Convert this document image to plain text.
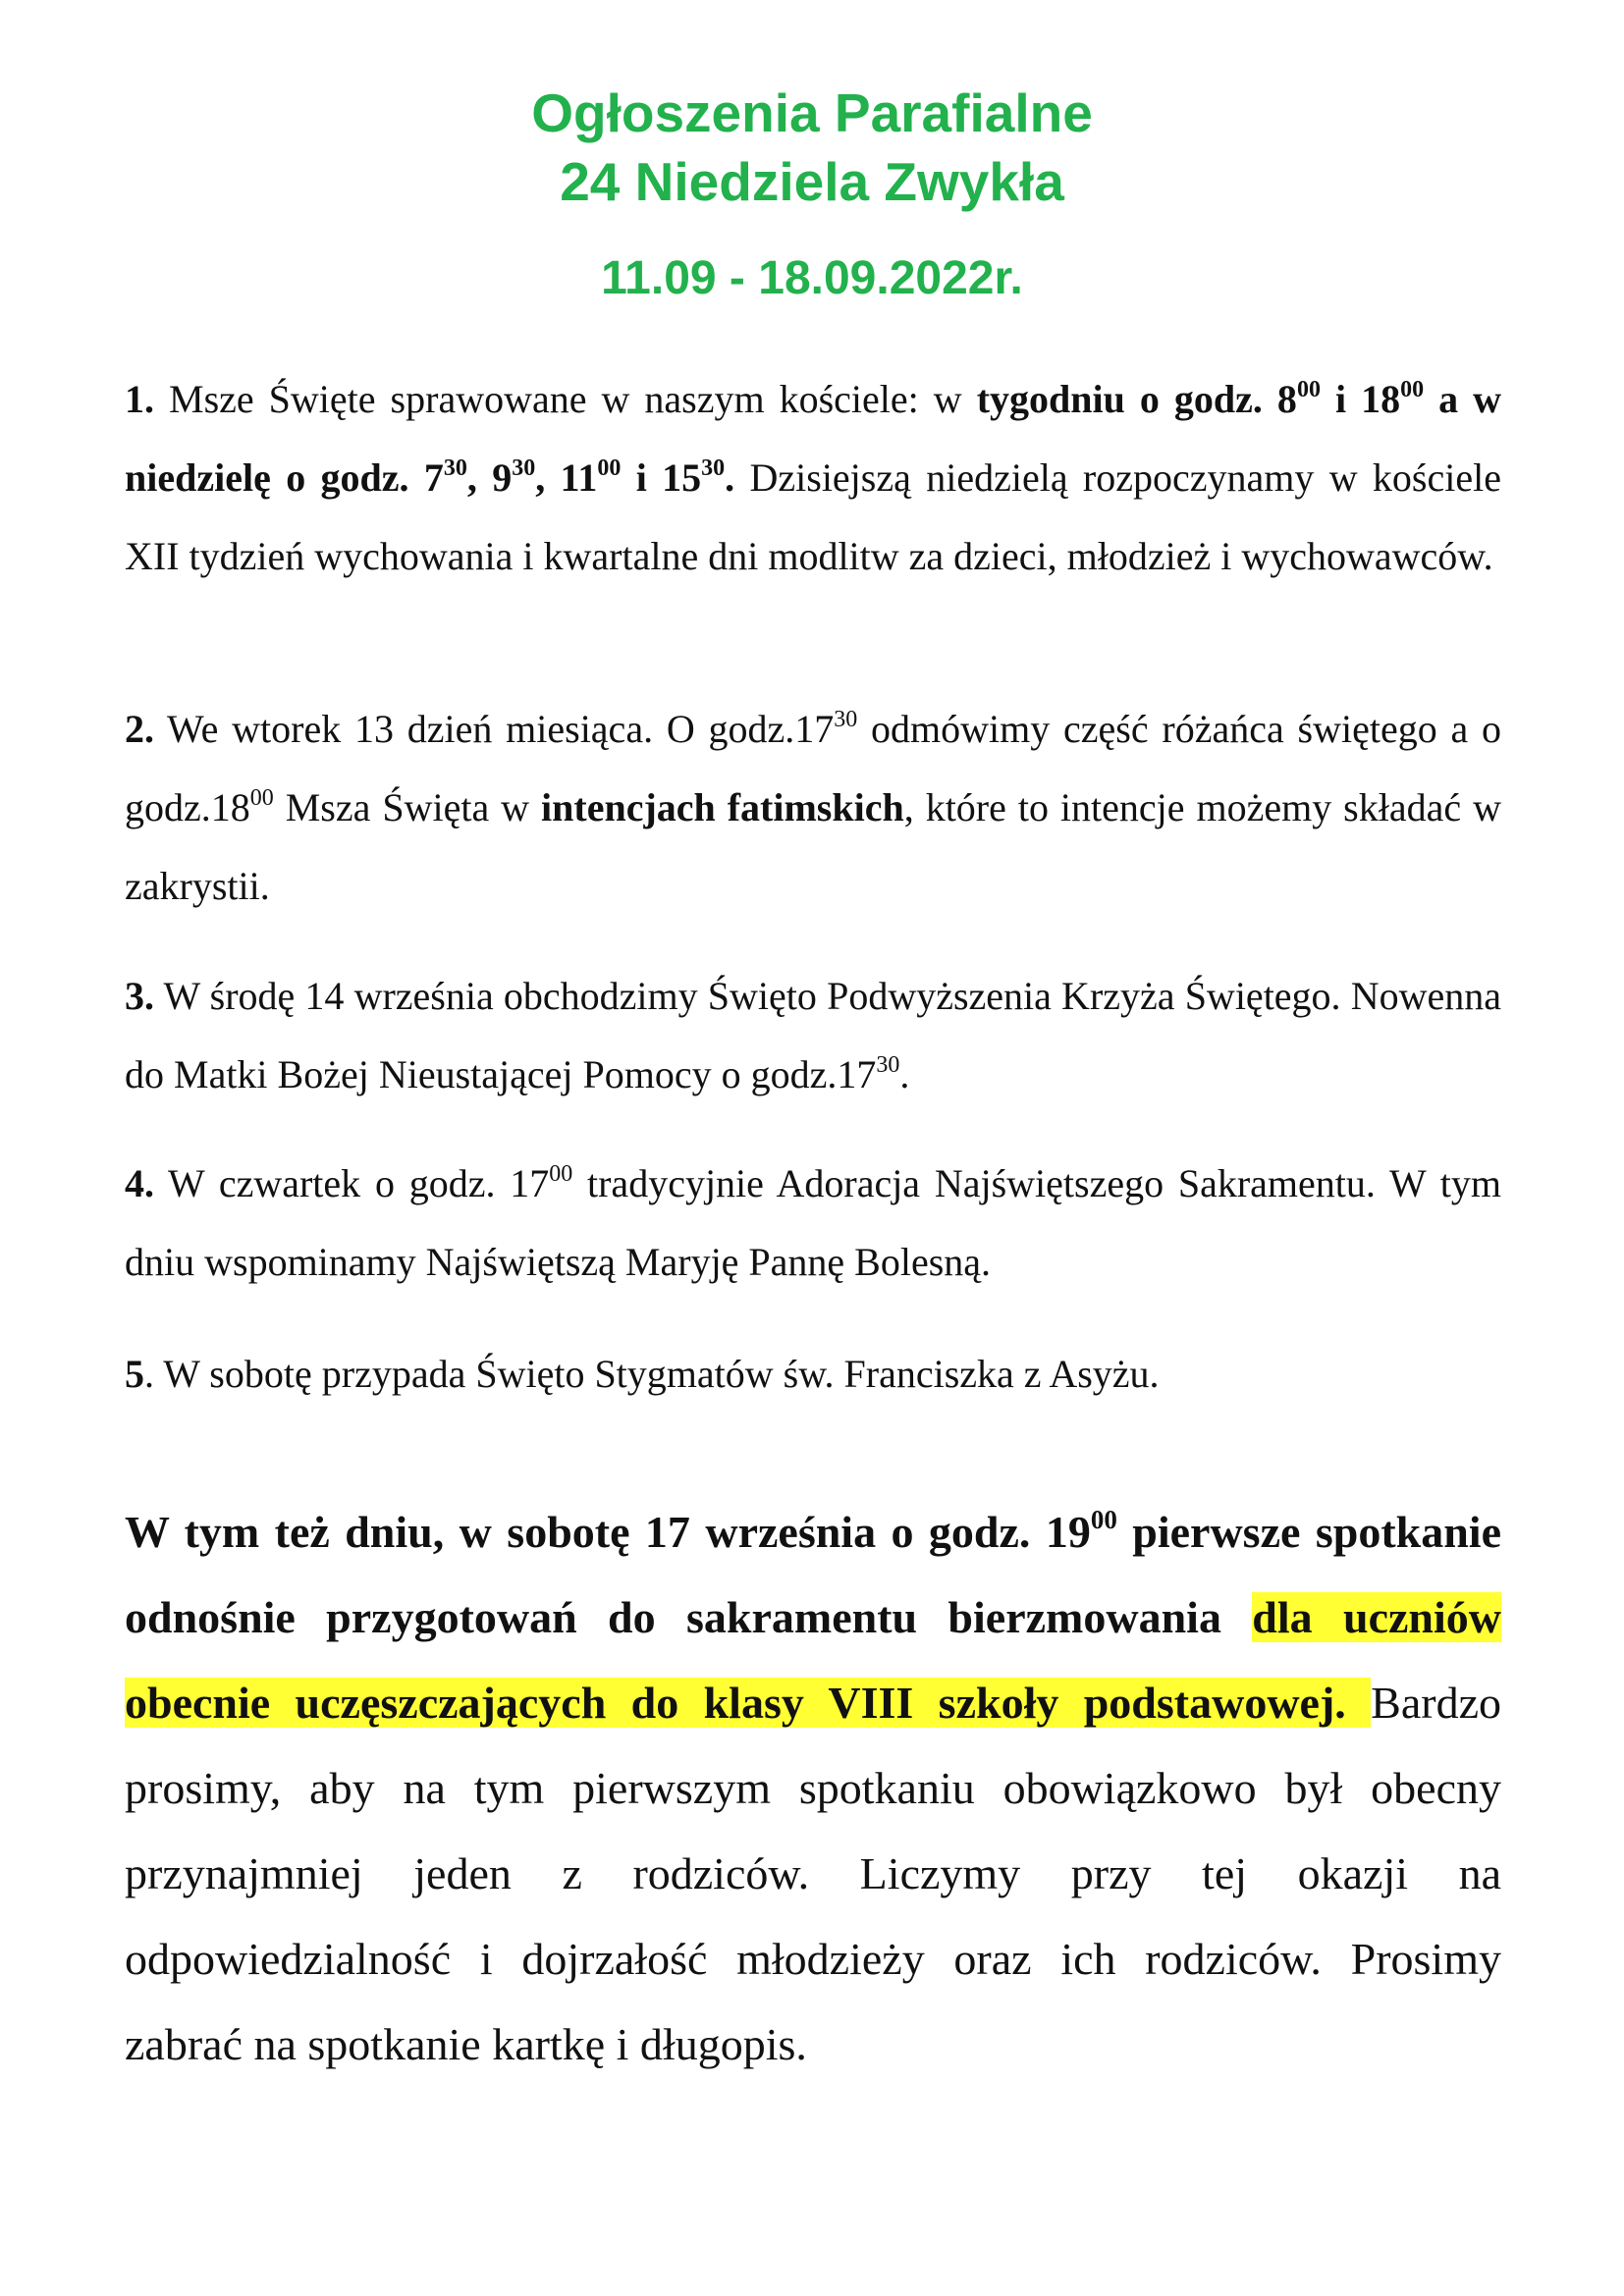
Ogłoszenia Parafialne
24 Niedziela Zwykła
11.09 - 18.09.2022r.

1. Msze Święte sprawowane w naszym kościele: w tygodniu o godz. $8^{00}$ i $18^{00}$ a w niedzielę o godz. $7^{30}$, $9^{30}$, $11^{00}$ i $15^{30}$. Dzisiejszą niedzielą rozpoczynamy w kościele XII tydzień wychowania i kwartalne dni modlitw za dzieci, młodzież i wychowawców.

2. We wtorek 13 dzień miesiąca. O $godz.17^{30}$ odmówimy część różańca świętego a o $godz.18^{00}$ Msza Święta w intencjach fatimskich, które to intencje możemy składać w zakrystii.

3. W środę 14 września obchodzimy Święto Podwyższenia Krzyża Świętego. Nowenna do Matki Bożej Nieustającej Pomocy o $godz.17^{30}$.

4. W czwartek o godz. $17^{00}$ tradycyjnie Adoracja Najświętszego Sakramentu. W tym dniu wspominamy Najświętszą Maryję Pannę Bolesną.

5. W sobotę przypada Święto Stygmatów św. Franciszka z Asyżu.

W tym też dniu, w sobotę 17 września o godz. $19^{00}$ pierwsze spotkanie odnośnie przygotowań do sakramentu bierzmowania dla uczniów obecnie uczęszczających do klasy VIII szkoły podstawowej. Bardzo prosimy, aby na tym pierwszym spotkaniu obowiązkowo był obecny przynajmniej jeden z rodziców. Liczymy przy tej okazji na odpowiedzialność i dojrzałość młodzieży oraz ich rodziców. Prosimy zabrać na spotkanie kartkę i długopis.
